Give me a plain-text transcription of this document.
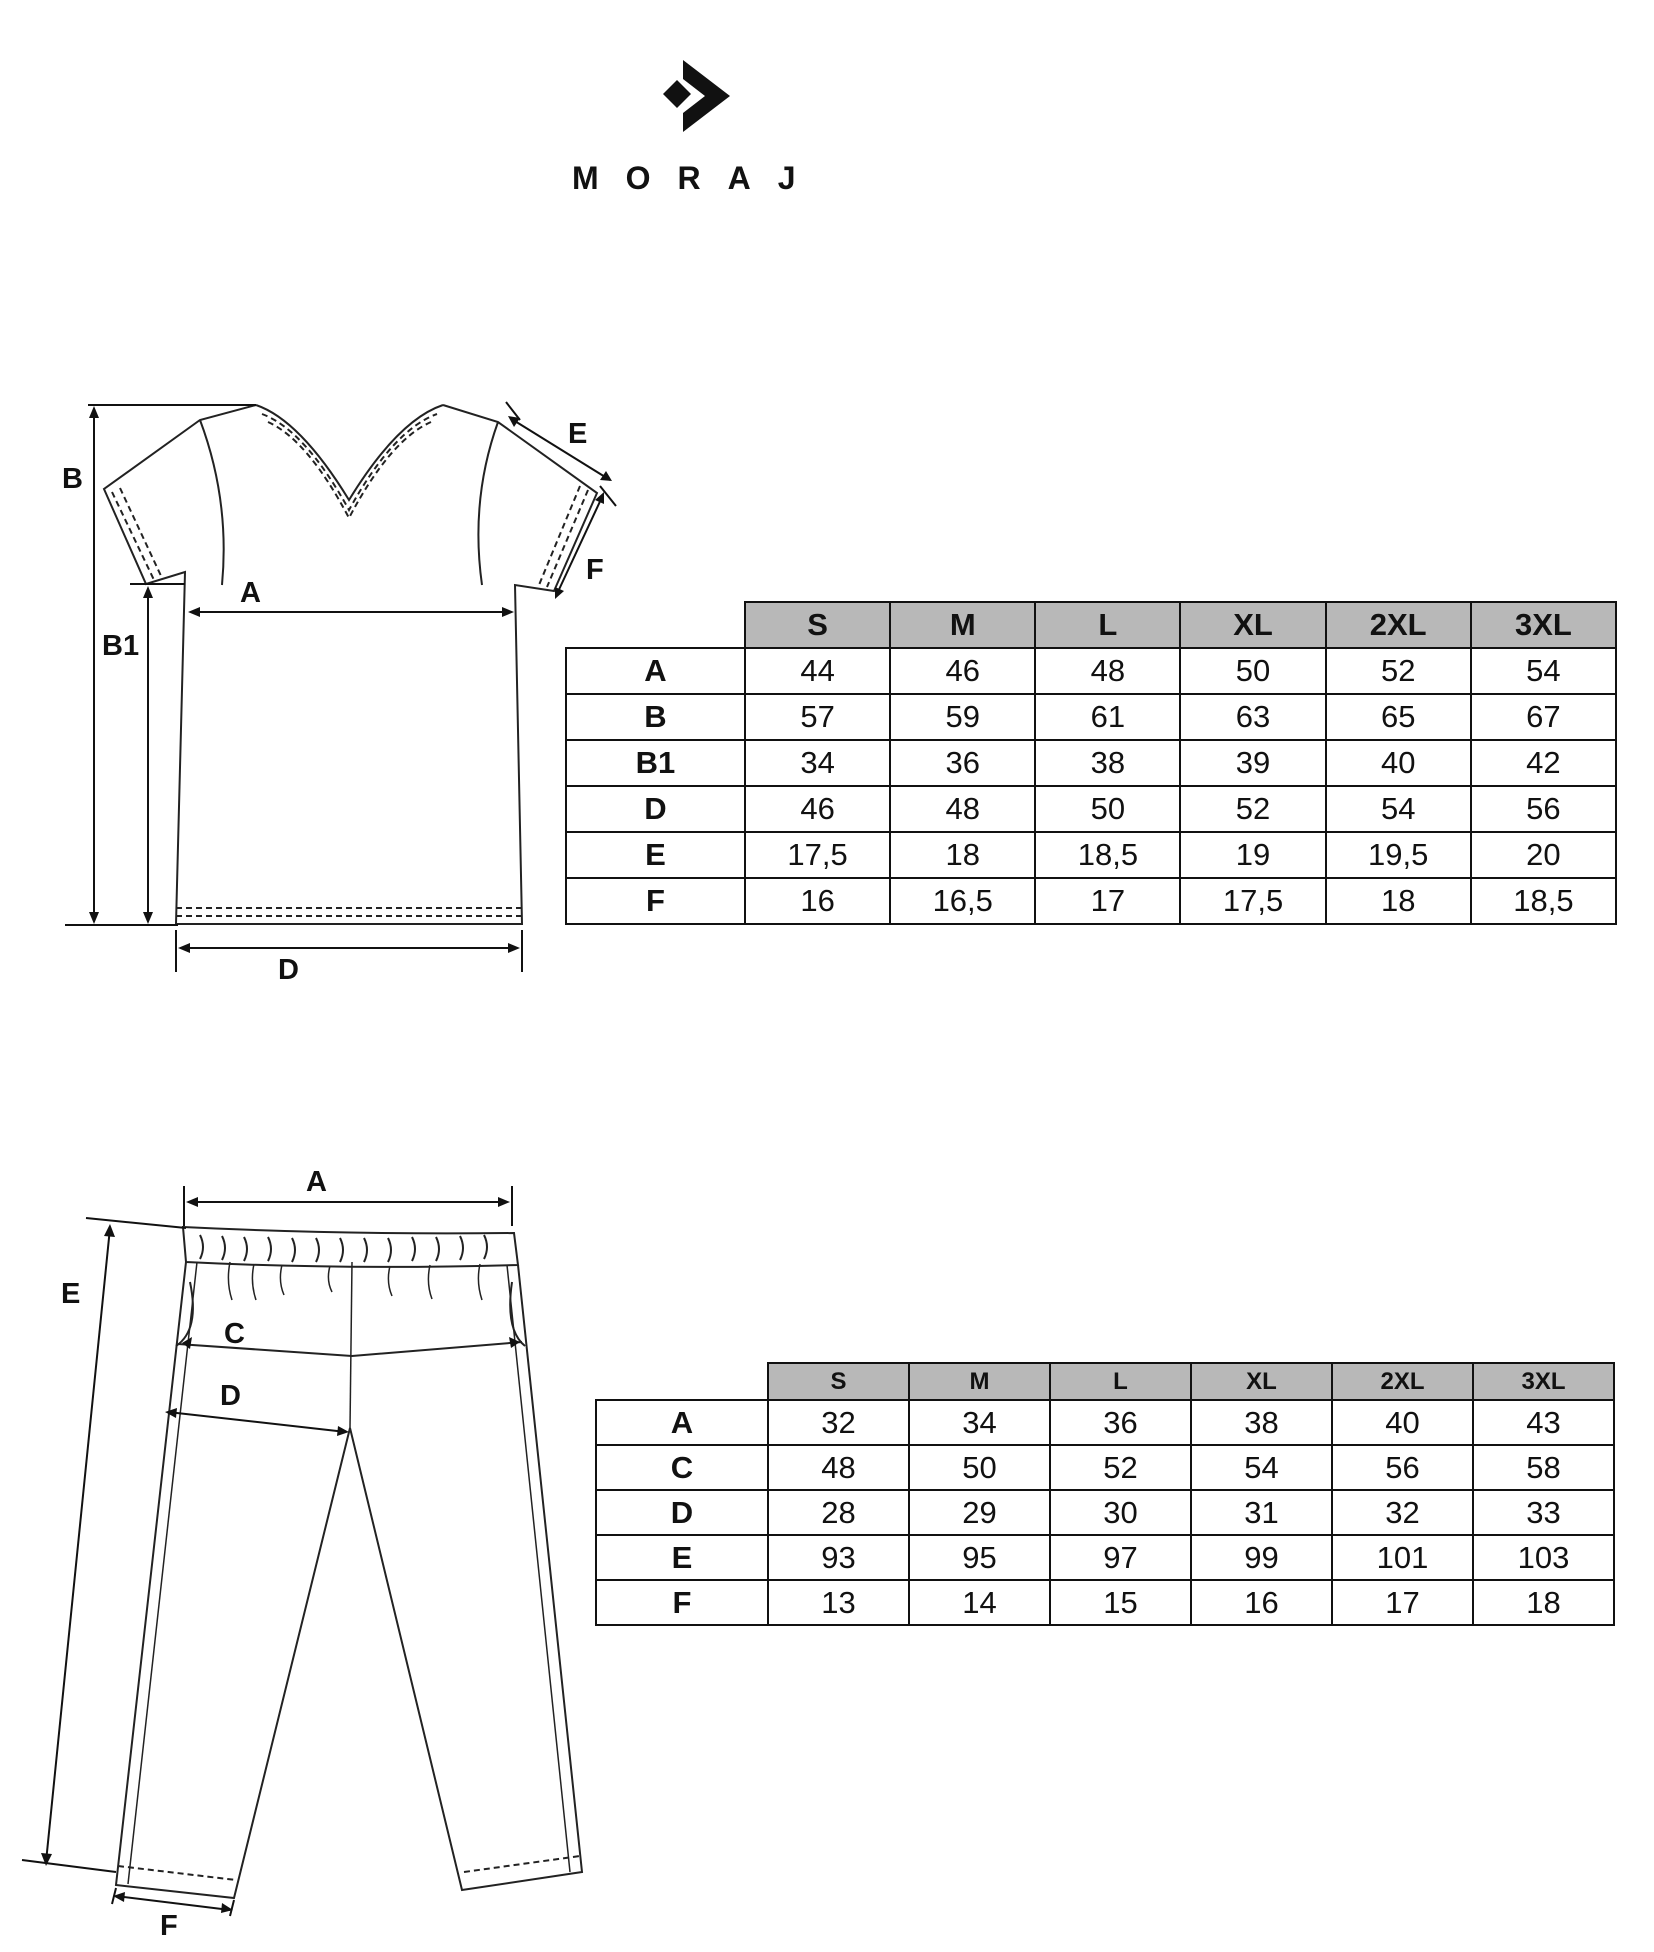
MORAJ
B
B1
A
D
E
F
	S	M	L	XL	2XL	3XL
A	44	46	48	50	52	54
B	57	59	61	63	65	67
B1	34	36	38	39	40	42
D	46	48	50	52	54	56
E	17,5	18	18,5	19	19,5	20
F	16	16,5	17	17,5	18	18,5
A
E
C
D
F
	S	M	L	XL	2XL	3XL
A	32	34	36	38	40	43
C	48	50	52	54	56	58
D	28	29	30	31	32	33
E	93	95	97	99	101	103
F	13	14	15	16	17	18
